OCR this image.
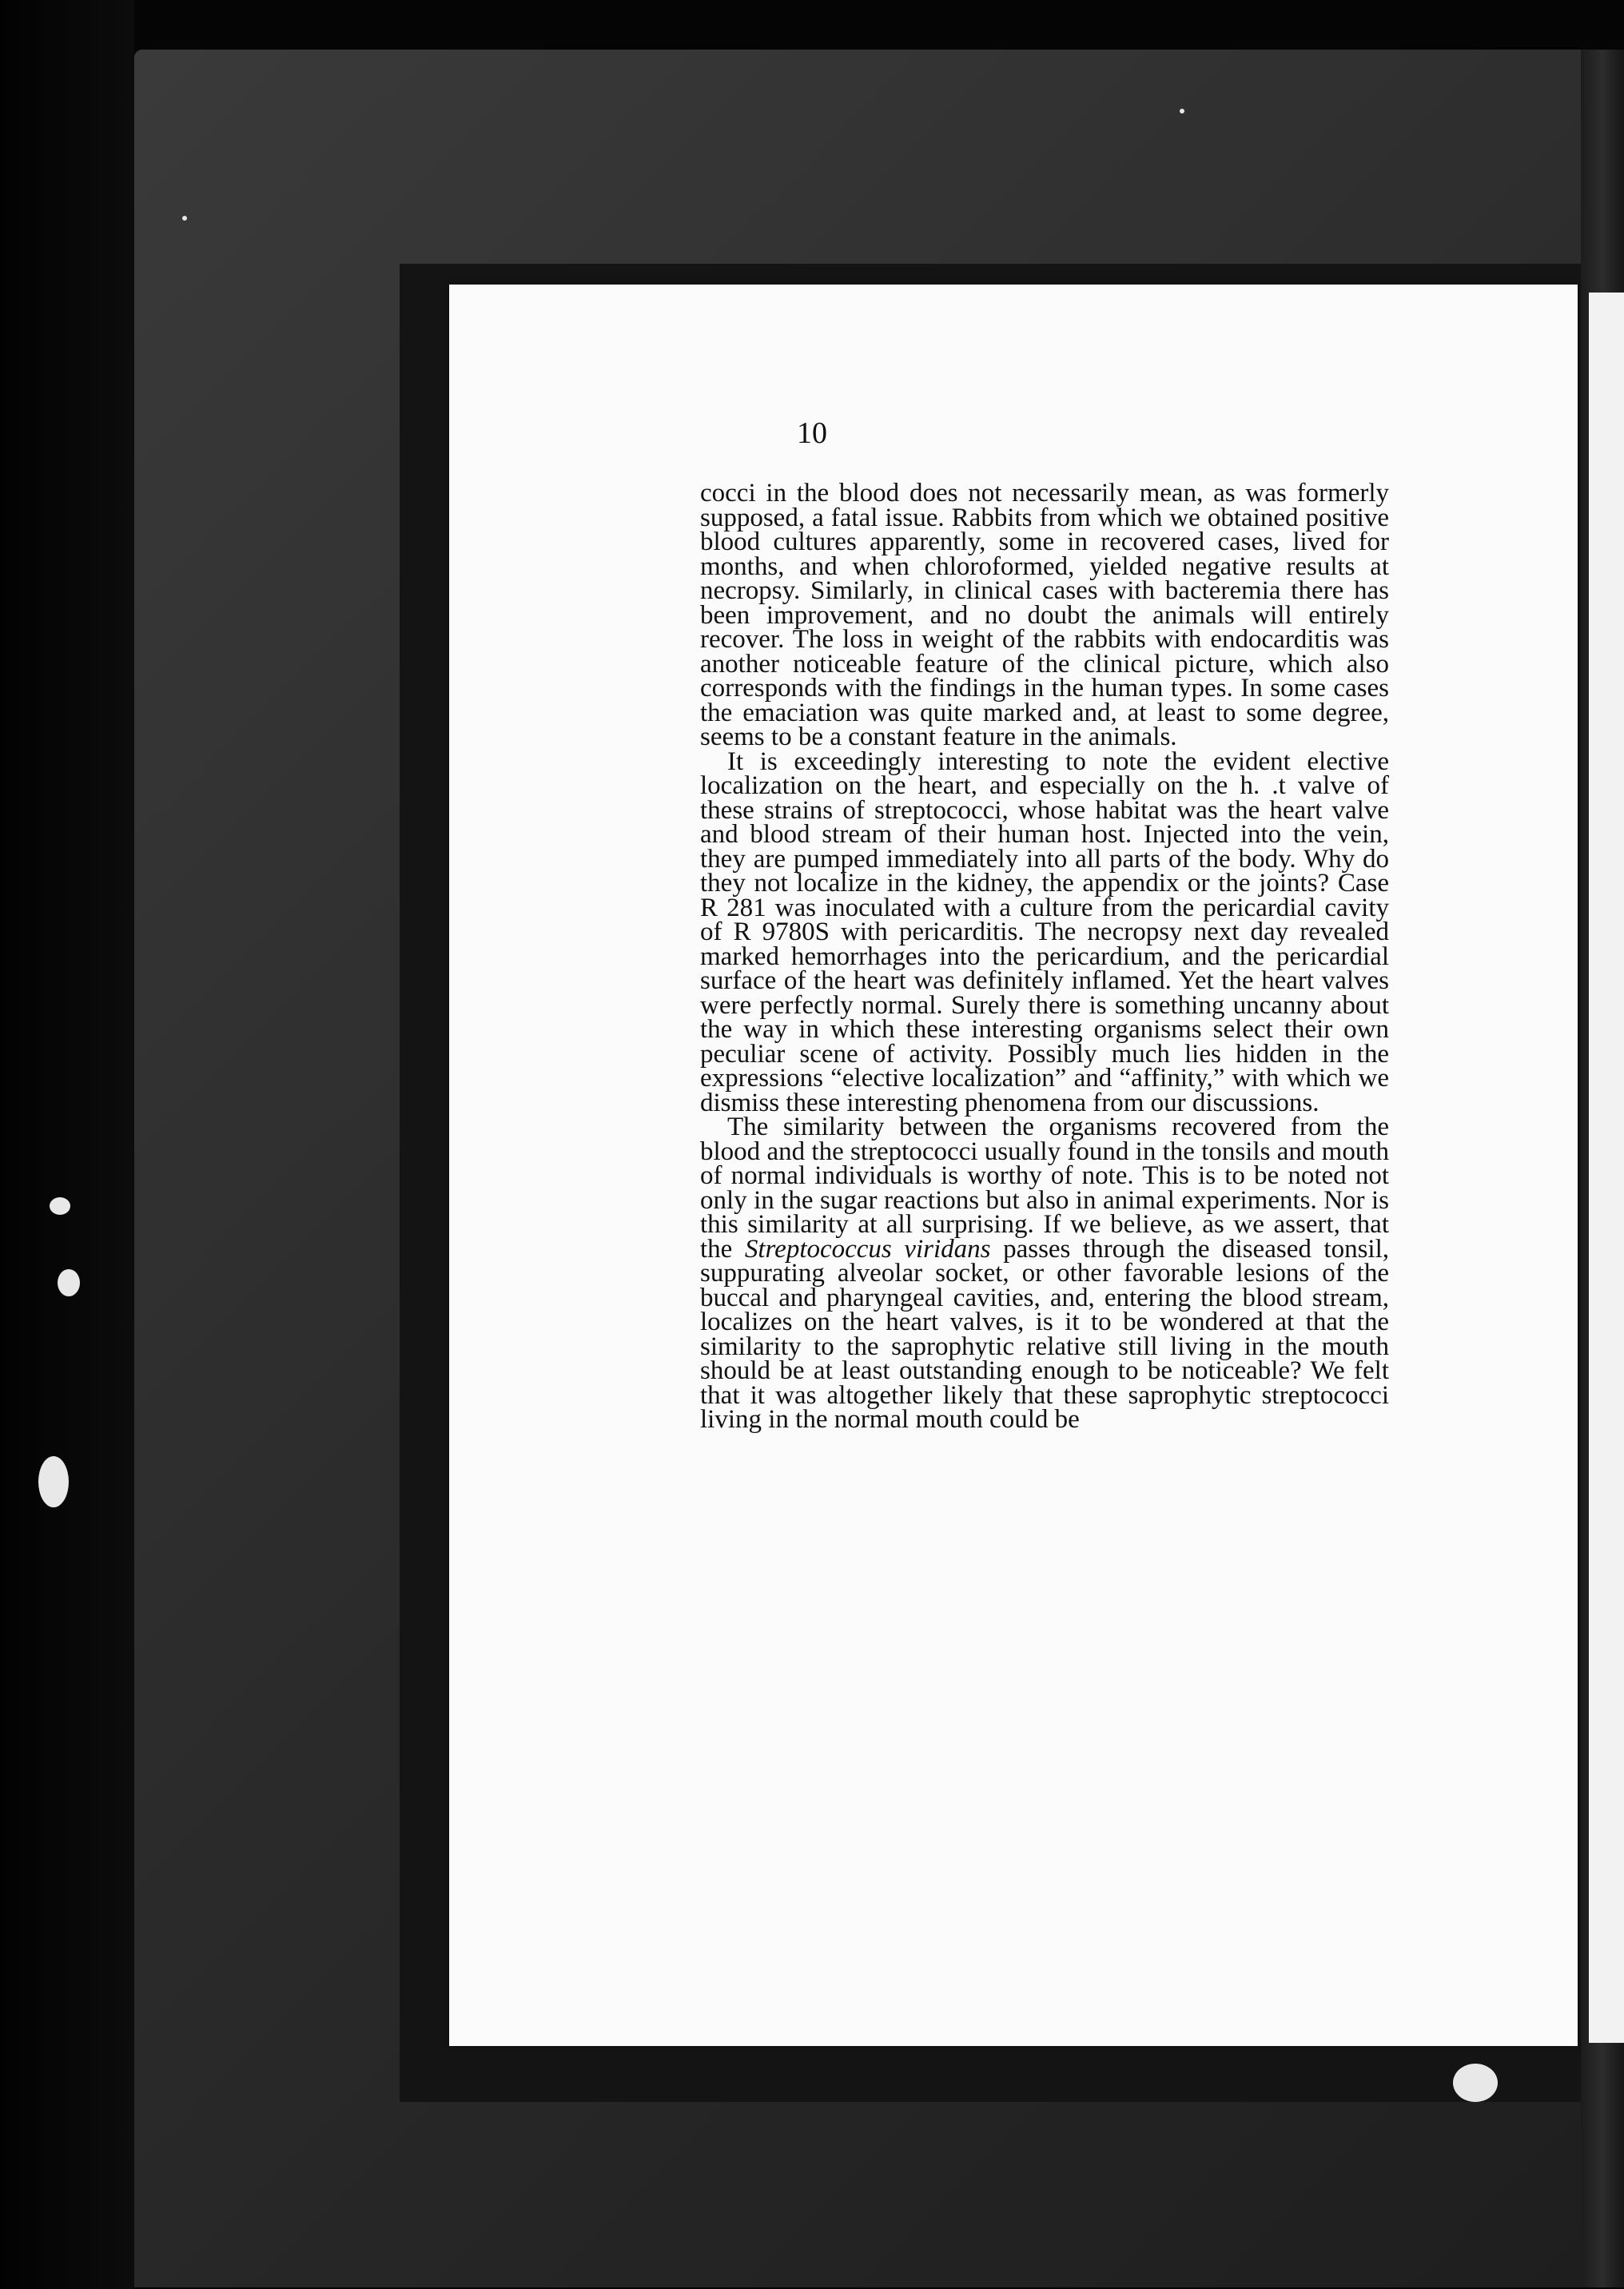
10

cocci in the blood does not necessarily mean, as was formerly supposed, a fatal issue. Rabbits from which we obtained positive blood cultures apparently, some in recovered cases, lived for months, and when chloroformed, yielded negative results at necropsy. Similarly, in clinical cases with bacteremia there has been improvement, and no doubt the animals will entirely recover. The loss in weight of the rabbits with endocarditis was another noticeable feature of the clinical picture, which also corresponds with the findings in the human types. In some cases the emaciation was quite marked and, at least to some degree, seems to be a constant feature in the animals.

It is exceedingly interesting to note the evident elective localization on the heart, and especially on the h. .t valve of these strains of streptococci, whose habitat was the heart valve and blood stream of their human host. Injected into the vein, they are pumped immediately into all parts of the body. Why do they not localize in the kidney, the appendix or the joints? Case R 281 was inoculated with a culture from the pericardial cavity of R 9780S with pericarditis. The necropsy next day revealed marked hemorrhages into the pericardium, and the pericardial surface of the heart was definitely inflamed. Yet the heart valves were perfectly normal. Surely there is something uncanny about the way in which these interesting organisms select their own peculiar scene of activity. Possibly much lies hidden in the expressions “elective localization” and “affinity,” with which we dismiss these interesting phenomena from our discussions.

The similarity between the organisms recovered from the blood and the streptococci usually found in the tonsils and mouth of normal individuals is worthy of note. This is to be noted not only in the sugar reactions but also in animal experiments. Nor is this similarity at all surprising. If we believe, as we assert, that the Streptococcus viridans passes through the diseased tonsil, suppurating alveolar socket, or other favorable lesions of the buccal and pharyngeal cavities, and, entering the blood stream, localizes on the heart valves, is it to be wondered at that the similarity to the saprophytic relative still living in the mouth should be at least outstanding enough to be noticeable? We felt that it was altogether likely that these saprophytic streptococci living in the normal mouth could be
